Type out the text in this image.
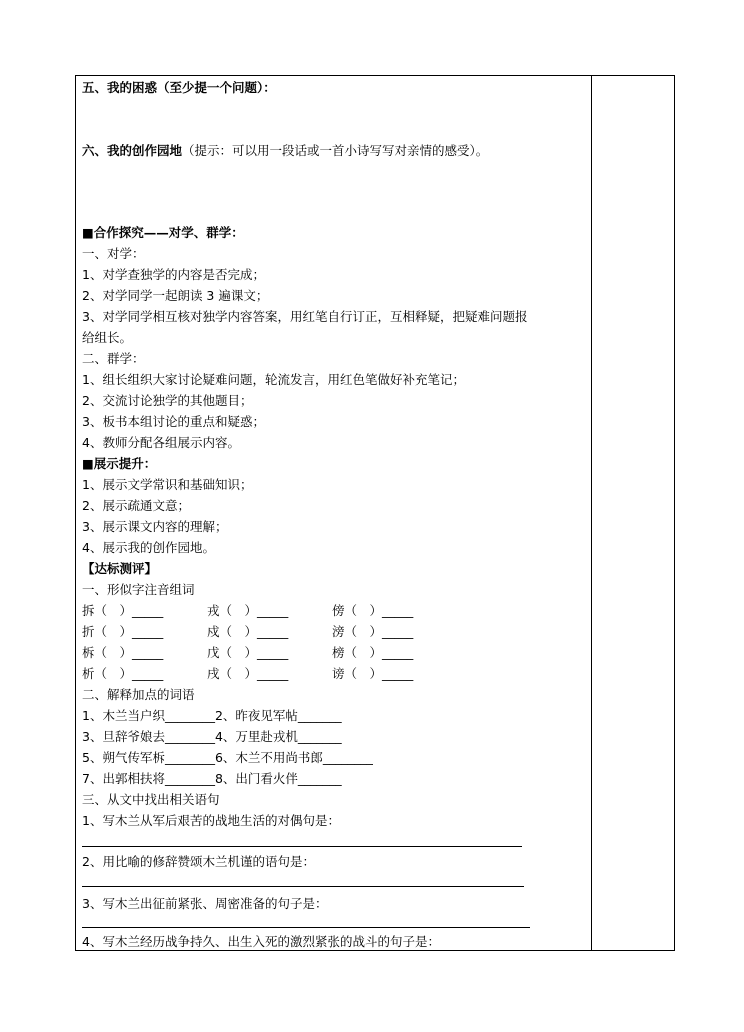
五、我的困惑（至少提一个问题）：
六、我的创作园地（提示：可以用一段话或一首小诗写写对亲情的感受）。
■合作探究——对学、群学：
一、对学：
1、对学查独学的内容是否完成；
2、对学同学一起朗读 3 遍课文；
3、对学同学相互核对独学内容答案，用红笔自行订正，互相释疑，把疑难问题报
给组长。
二、群学：
1、组长组织大家讨论疑难问题，轮流发言，用红色笔做好补充笔记；
2、交流讨论独学的其他题目；
3、板书本组讨论的重点和疑惑；
4、教师分配各组展示内容。
■展示提升：
1、展示文学常识和基础知识；
2、展示疏通文意；
3、展示课文内容的理解；
4、展示我的创作园地。
【达标测评】
一、形似字注音组词
拆（　）_____	戎（　）_____	傍（　）_____
折（　）_____	戍（　）_____	滂（　）_____
柝（　）_____	戊（　）_____	榜（　）_____
析（　）_____	戌（　）_____	谤（　）_____
二、解释加点的词语
1、木兰当户织________2、昨夜见军帖_______
3、旦辞爷娘去________4、万里赴戎机_______
5、朔气传军柝________6、木兰不用尚书郎________
7、出郭相扶将________8、出门看火伴_______
三、从文中找出相关语句
1、写木兰从军后艰苦的战地生活的对偶句是：
2、用比喻的修辞赞颂木兰机谨的语句是：
3、写木兰出征前紧张、周密准备的句子是：
4、写木兰经历战争持久、出生入死的激烈紧张的战斗的句子是：
